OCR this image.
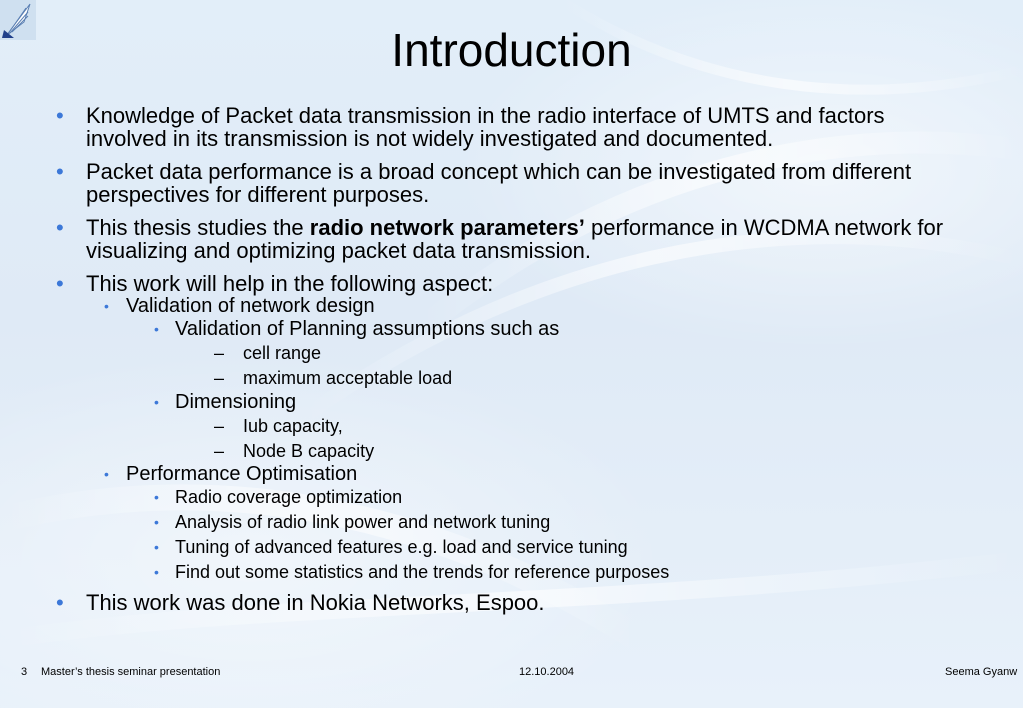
Introduction
• Knowledge of Packet data transmission in the radio interface of UMTS and factors involved in its transmission is not widely investigated and documented.
• Packet data performance is a broad concept which can be investigated from different perspectives for different purposes.
• This thesis studies the radio network parameters’ performance in WCDMA network for visualizing and optimizing packet data transmission.
• This work will help in the following aspect:
• Validation of network design
• Validation of Planning assumptions such as
– cell range
– maximum acceptable load
• Dimensioning
– Iub capacity,
– Node B capacity
• Performance Optimisation
• Radio coverage optimization
• Analysis of radio link power and network tuning
• Tuning of advanced features e.g. load and service tuning
• Find out some statistics and the trends for reference purposes
• This work was done in Nokia Networks, Espoo.
3 Master’s thesis seminar presentation	12.10.2004	Seema Gyanw
